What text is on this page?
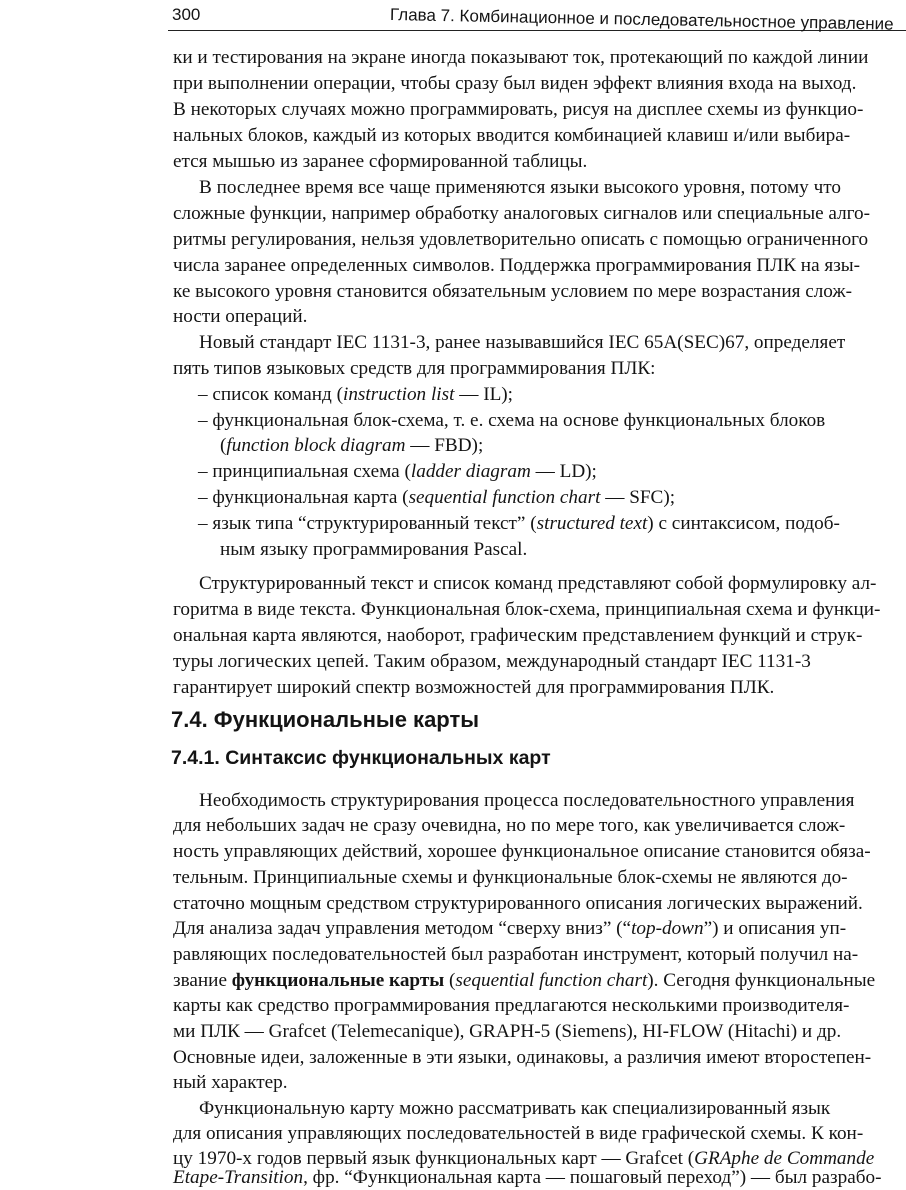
300	Глава 7. Комбинационное и последовательностное управление
ки и тестирования на экране иногда показывают ток, протекающий по каждой линии
при выполнении операции, чтобы сразу был виден эффект влияния входа на выход.
В некоторых случаях можно программировать, рисуя на дисплее схемы из функцио-
нальных блоков, каждый из которых вводится комбинацией клавиш и/или выбира-
ется мышью из заранее сформированной таблицы.
В последнее время все чаще применяются языки высокого уровня, потому что
сложные функции, например обработку аналоговых сигналов или специальные алго-
ритмы регулирования, нельзя удовлетворительно описать с помощью ограниченного
числа заранее определенных символов. Поддержка программирования ПЛК на язы-
ке высокого уровня становится обязательным условием по мере возрастания слож-
ности операций.
Новый стандарт IEC 1131-3, ранее называвшийся IEC 65A(SEC)67, определяет
пять типов языковых средств для программирования ПЛК:
– список команд (instruction list — IL);
– функциональная блок-схема, т. е. схема на основе функциональных блоков
(function block diagram — FBD);
– принципиальная схема (ladder diagram — LD);
– функциональная карта (sequential function chart — SFC);
– язык типа “структурированный текст” (structured text) с синтаксисом, подоб-
ным языку программирования Pascal.
Структурированный текст и список команд представляют собой формулировку ал-
горитма в виде текста. Функциональная блок-схема, принципиальная схема и функци-
ональная карта являются, наоборот, графическим представлением функций и струк-
туры логических цепей. Таким образом, международный стандарт IEC 1131-3
гарантирует широкий спектр возможностей для программирования ПЛК.
7.4. Функциональные карты
7.4.1. Синтаксис функциональных карт
Необходимость структурирования процесса последовательностного управления
для небольших задач не сразу очевидна, но по мере того, как увеличивается слож-
ность управляющих действий, хорошее функциональное описание становится обяза-
тельным. Принципиальные схемы и функциональные блок-схемы не являются до-
статочно мощным средством структурированного описания логических выражений.
Для анализа задач управления методом “сверху вниз” (“top-down”) и описания уп-
равляющих последовательностей был разработан инструмент, который получил на-
звание функциональные карты (sequential function chart). Сегодня функциональные
карты как средство программирования предлагаются несколькими производителя-
ми ПЛК — Grafcet (Telemecanique), GRAPH-5 (Siemens), HI-FLOW (Hitachi) и др.
Основные идеи, заложенные в эти языки, одинаковы, а различия имеют второстепен-
ный характер.
Функциональную карту можно рассматривать как специализированный язык
для описания управляющих последовательностей в виде графической схемы. К кон-
цу 1970-х годов первый язык функциональных карт — Grafcet (GRAphe de Commande
Etape-Transition, фр. “Функциональная карта — пошаговый переход”) — был разрабо-
